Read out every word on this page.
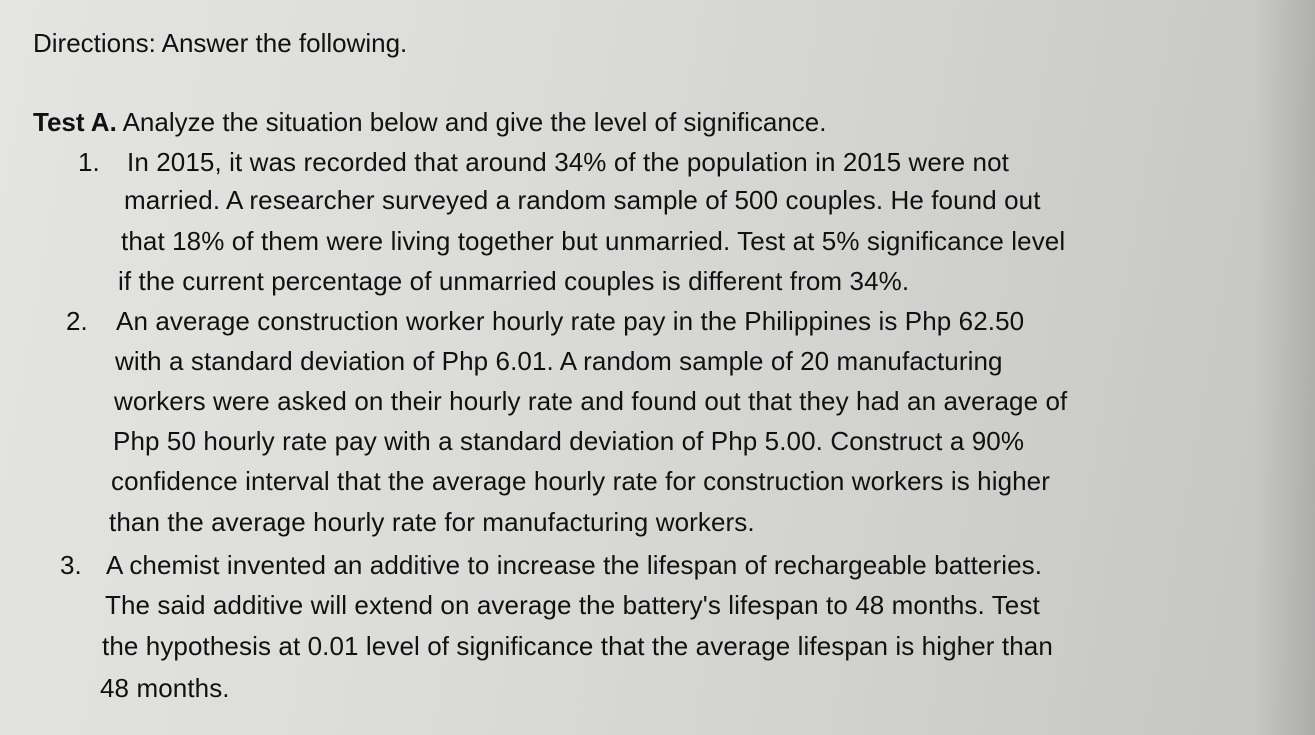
Directions: Answer the following.
Test A. Analyze the situation below and give the level of significance.
1. In 2015, it was recorded that around 34% of the population in 2015 were not
married. A researcher surveyed a random sample of 500 couples. He found out
that 18% of them were living together but unmarried. Test at 5% significance level
if the current percentage of unmarried couples is different from 34%.
2. An average construction worker hourly rate pay in the Philippines is Php 62.50
with a standard deviation of Php 6.01. A random sample of 20 manufacturing
workers were asked on their hourly rate and found out that they had an average of
Php 50 hourly rate pay with a standard deviation of Php 5.00. Construct a 90%
confidence interval that the average hourly rate for construction workers is higher
than the average hourly rate for manufacturing workers.
3. A chemist invented an additive to increase the lifespan of rechargeable batteries.
The said additive will extend on average the battery's lifespan to 48 months. Test
the hypothesis at 0.01 level of significance that the average lifespan is higher than
48 months.
